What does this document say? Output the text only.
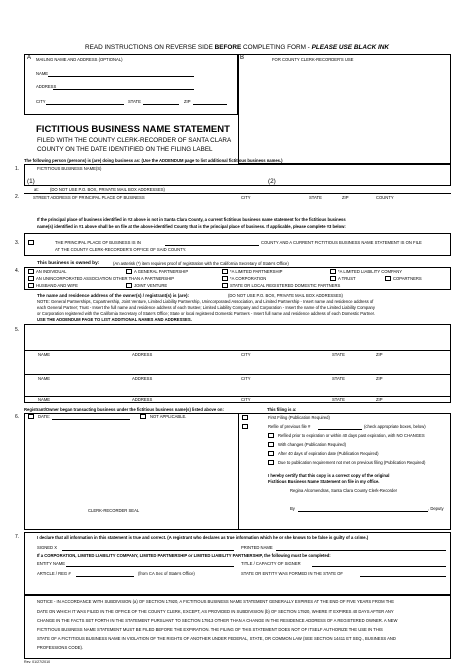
READ INSTRUCTIONS ON REVERSE SIDE BEFORE COMPLETING FORM - PLEASE USE BLACK INK
A MAILING NAME AND ADDRESS (OPTIONAL)	B	FOR COUNTY CLERK-RECORDER'S USE
NAME
ADDRESS
CITY	STATE	ZIP
FICTITIOUS BUSINESS NAME STATEMENT
FILED WITH THE COUNTY CLERK-RECORDER OF SANTA CLARA
COUNTY ON THE DATE IDENTIFIED ON THE FILING LABEL
The following person (persons) is (are) doing business as: (Use the ADDENDUM page to list additional fictitious business names.)
1.	FICTITIOUS BUSINESS NAME(S)
(1)	(2)
at:	(DO NOT USE P.O. BOX, PRIVATE MAIL BOX ADDRESSES)
2.	STREET ADDRESS OF PRINCIPAL PLACE OF BUSINESS	CITY	STATE	ZIP	COUNTY
If the principal place of business identified in #2 above is not in Santa Clara County, a current fictitious business name statement for the fictitious business
name(s) identified in #1 above shall be on file at the above-identified County that is the principal place of business. If applicable, please complete #3 below:
3.	THE PRINCIPAL PLACE OF BUSINESS IS IN	COUNTY AND A CURRENT FICTITIOUS BUSINESS NAME STATEMENT IS ON FILE
AT THE COUNTY CLERK-RECORDER'S OFFICE OF SAID COUNTY.
This business is owned by:	(An asterisk (*) item requires proof of registration with the California Secretary of State's Office)
4.	AN INDIVIDUAL	A GENERAL PARTNERSHIP	*A LIMITED PARTNERSHIP	*A LIMITED LIABILITY COMPANY
AN UNINCORPORATED ASSOCIATION OTHER THAN A PARTNERSHIP	*A CORPORATION	A TRUST	COPARTNERS
HUSBAND AND WIFE	JOINT VENTURE	STATE OR LOCAL REGISTERED DOMESTIC PARTNERS
The name and residence address of the owner(s) / registrant(s) is (are):	(DO NOT USE P.O. BOX, PRIVATE MAIL BOX ADDRESSES)
NOTE: General Partnerships, Copartnership, Joint Venture, Limited Liability Partnership, Unincorporated Association, and Limited Partnership - Insert name and residence address of
each General Partner; Trust - Insert the full name and residence address of each trustee; Limited Liability Company and Corporation - Insert the name of the Limited Liability Company
or Corporation registered with the California Secretary of State's Office; State or local registered Domestic Partners - Insert full name and residence address of each Domestic Partner.
USE THE ADDENDUM PAGE TO LIST ADDITIONAL NAMES AND ADDRESSES.
5.
NAME	ADDRESS	CITY	STATE	ZIP
NAME	ADDRESS	CITY	STATE	ZIP
NAME	ADDRESS	CITY	STATE	ZIP
Registrant/Owner began transacting business under the fictitious business name(s) listed above on:	This filing is a:
6.	DATE:	NOT APPLICABLE.
CLERK-RECORDER SEAL
First Filing (Publication Required)
Refile of previous file #	(check appropriate boxes, below)
Refiled prior to expiration or within 40 days past expiration, with NO CHANGES
With changes (Publication Required)
After 40 days of expiration date (Publication Required)
Due to publication requirement not met on previous filing (Publication Required)
I hereby certify that this copy is a correct copy of the original
Fictitious Business Name Statement on file in my office.
Regina Alcomendras, Santa Clara County Clerk-Recorder
By	, Deputy
7.	I declare that all information in this statement is true and correct. (A registrant who declares as true information which he or she knows to be false is guilty of a crime.)
SIGNED X	PRINTED NAME
If a CORPORATION, LIMITED LIABILITY COMPANY, LIMITED PARTNERSHIP or LIMITED LIABILITY PARTNERSHIP, the following must be completed:
ENTITY NAME	TITLE / CAPACITY OF SIGNER
ARTICLE / REG #	(from CA Sec of State's Office)	STATE OR ENTITY WAS FORMED IN THE STATE OF
NOTICE - IN ACCORDANCE WITH SUBDIVISION (a) OF SECTION 17920, A FICTITIOUS BUSINESS NAME STATEMENT GENERALLY EXPIRES AT THE END OF FIVE YEARS FROM THE
DATE ON WHICH IT WAS FILED IN THE OFFICE OF THE COUNTY CLERK, EXCEPT, AS PROVIDED IN SUBDIVISION (b) OF SECTION 17920, WHERE IT EXPIRES 40 DAYS AFTER ANY
CHANGE IN THE FACTS SET FORTH IN THE STATEMENT PURSUANT TO SECTION 17913 OTHER THAN A CHANGE IN THE RESIDENCE ADDRESS OF A REGISTERED OWNER. A NEW
FICTITIOUS BUSINESS NAME STATEMENT MUST BE FILED BEFORE THE EXPIRATION. THE FILING OF THIS STATEMENT DOES NOT OF ITSELF AUTHORIZE THE USE IN THIS
STATE OF A FICTITIOUS BUSINESS NAME IN VIOLATION OF THE RIGHTS OF ANOTHER UNDER FEDERAL, STATE, OR COMMON LAW (SEE SECTION 14411 ET SEQ., BUSINESS AND
PROFESSIONS CODE).
Rev. 01/27/2010
